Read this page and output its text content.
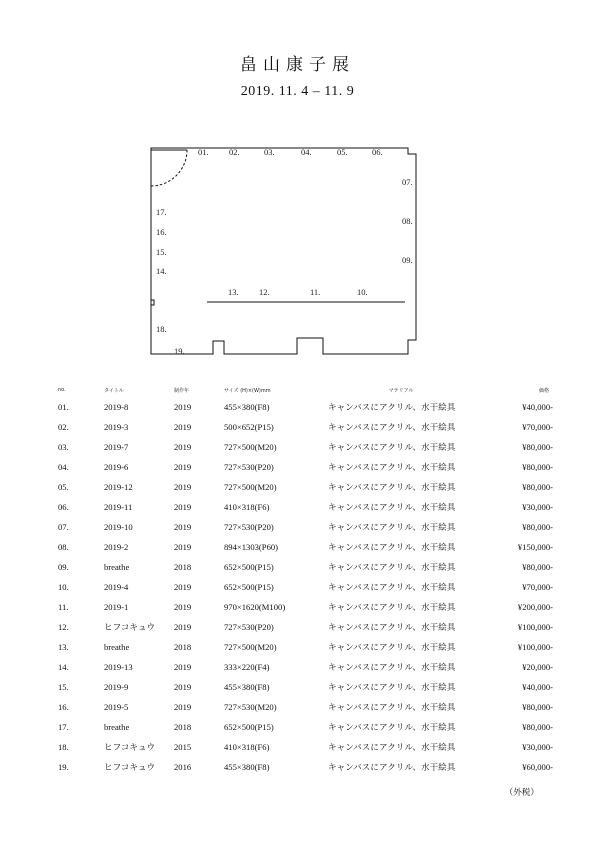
畠山康子展
2019. 11. 4 – 11. 9
01. 02.	03.	04.	05.	06.
07.
08.
09.
10.
11.
12.
13.
14.
15.
16.
17.
18.
19.
no.	タイトル	制作年	サイズ (H)×(W)mm	マテリアル	価格
01.	2019-8	2019	455×380(F8)	キャンバスにアクリル、水干絵具	¥40,000-
02.	2019-3	2019	500×652(P15)	キャンバスにアクリル、水干絵具	¥70,000-
03.	2019-7	2019	727×500(M20)	キャンバスにアクリル、水干絵具	¥80,000-
04.	2019-6	2019	727×530(P20)	キャンバスにアクリル、水干絵具	¥80,000-
05.	2019-12	2019	727×500(M20)	キャンバスにアクリル、水干絵具	¥80,000-
06.	2019-11	2019	410×318(F6)	キャンバスにアクリル、水干絵具	¥30,000-
07.	2019-10	2019	727×530(P20)	キャンバスにアクリル、水干絵具	¥80,000-
08.	2019-2	2019	894×1303(P60)	キャンバスにアクリル、水干絵具	¥150,000-
09.	breathe	2018	652×500(P15)	キャンバスにアクリル、水干絵具	¥80,000-
10.	2019-4	2019	652×500(P15)	キャンバスにアクリル、水干絵具	¥70,000-
11.	2019-1	2019	970×1620(M100)	キャンバスにアクリル、水干絵具	¥200,000-
12.	ヒフコキュウ	2019	727×530(P20)	キャンバスにアクリル、水干絵具	¥100,000-
13.	breathe	2018	727×500(M20)	キャンバスにアクリル、水干絵具	¥100,000-
14.	2019-13	2019	333×220(F4)	キャンバスにアクリル、水干絵具	¥20,000-
15.	2019-9	2019	455×380(F8)	キャンバスにアクリル、水干絵具	¥40,000-
16.	2019-5	2019	727×530(M20)	キャンバスにアクリル、水干絵具	¥80,000-
17.	breathe	2018	652×500(P15)	キャンバスにアクリル、水干絵具	¥80,000-
18.	ヒフコキュウ	2015	410×318(F6)	キャンバスにアクリル、水干絵具	¥30,000-
19.	ヒフコキュウ	2016	455×380(F8)	キャンバスにアクリル、水干絵具	¥60,000-
（外税）
